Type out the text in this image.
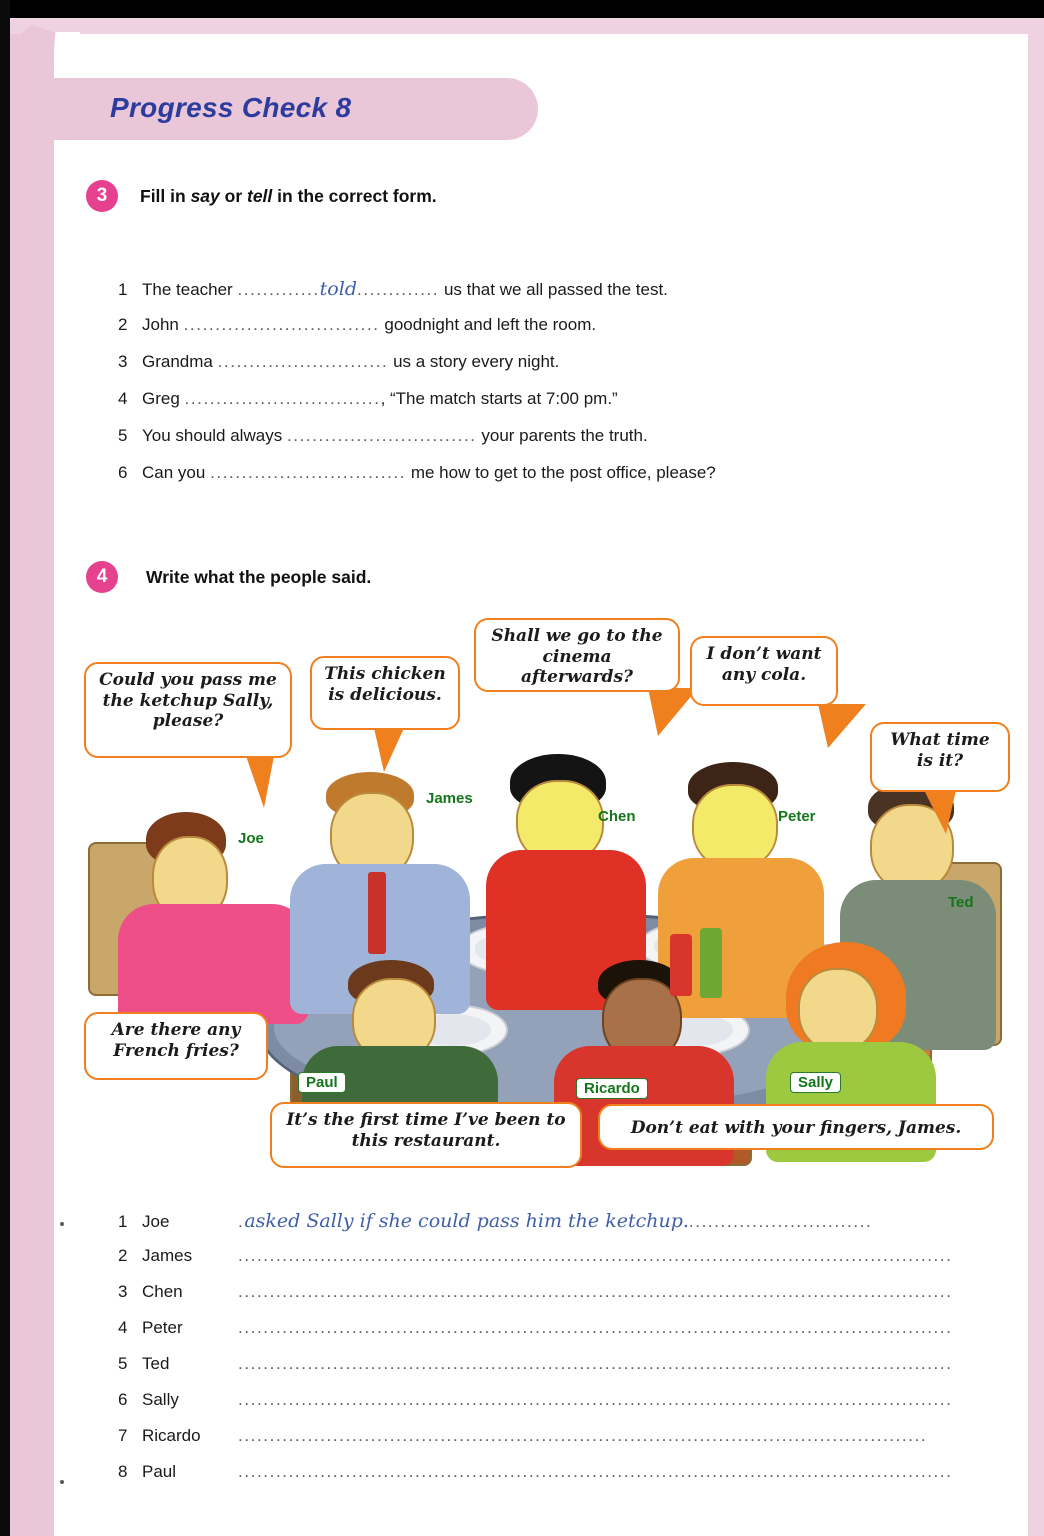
Progress Check 8
3	Fill in say or tell in the correct form.
1 The teacher .............told............. us that we all passed the test.
2 John ............................... goodnight and left the room.
3 Grandma ........................... us a story every night.
4 Greg ..............................., “The match starts at 7:00 pm.”
5 You should always .............................. your parents the truth.
6 Can you ............................... me how to get to the post office, please?
4	Write what the people said.
Could you pass me the ketchup Sally, please?
This chicken is delicious.
Shall we go to the cinema afterwards?
I don’t want any cola.
What time is it?
Are there any French fries?
It’s the first time I’ve been to this restaurant.
Don’t eat with your fingers, James.
Joe
James
Chen	Peter
Ted
Paul	Ricardo	Sally
1 Joe	.asked Sally if she could pass him the ketchup..............................
2 James	.................................................................................................................
3 Chen	.................................................................................................................
4 Peter	.................................................................................................................
5 Ted	.................................................................................................................
6 Sally	.................................................................................................................
7 Ricardo .............................................................................................................
8 Paul	.................................................................................................................
